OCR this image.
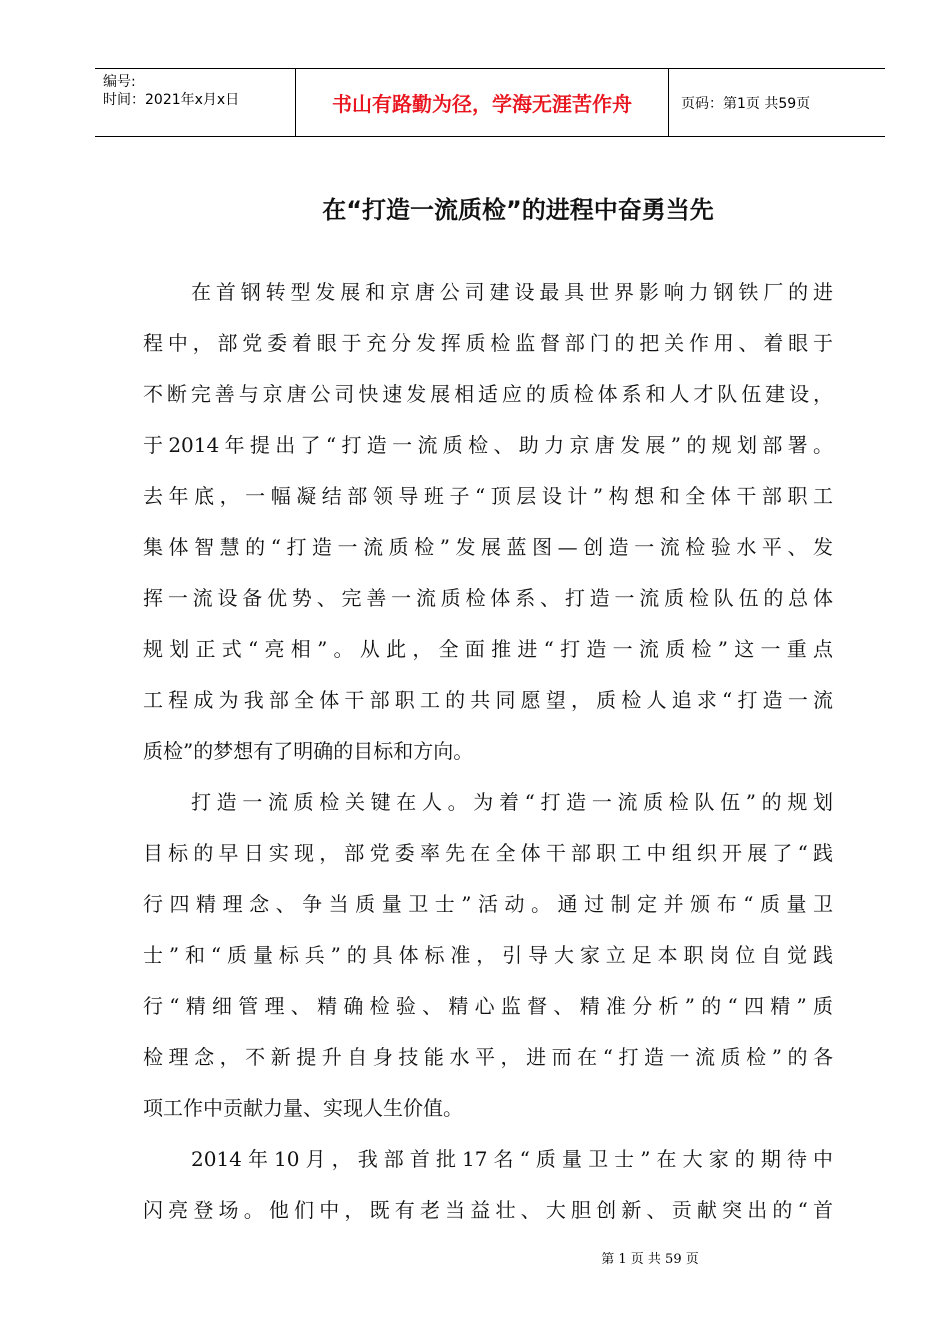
编号:
时间：2021年x月x日	书山有路勤为径，学海无涯苦作舟	页码：第1页 共59页
在“打造一流质检”的进程中奋勇当先
在首钢转型发展和京唐公司建设最具世界影响力钢铁厂的进
程中，部党委着眼于充分发挥质检监督部门的把关作用、着眼于
不断完善与京唐公司快速发展相适应的质检体系和人才队伍建设，
于2014年提出了“打造一流质检、助力京唐发展”的规划部署。
去年底，一幅凝结部领导班子“顶层设计”构想和全体干部职工
集体智慧的“打造一流质检”发展蓝图—创造一流检验水平、发
挥一流设备优势、完善一流质检体系、打造一流质检队伍的总体
规划正式“亮相”。从此，全面推进“打造一流质检”这一重点
工程成为我部全体干部职工的共同愿望，质检人追求“打造一流
质检”的梦想有了明确的目标和方向。
打造一流质检关键在人。为着“打造一流质检队伍”的规划
目标的早日实现，部党委率先在全体干部职工中组织开展了“践
行四精理念、争当质量卫士”活动。通过制定并颁布“质量卫
士”和“质量标兵”的具体标准，引导大家立足本职岗位自觉践
行“精细管理、精确检验、精心监督、精准分析”的“四精”质
检理念，不新提升自身技能水平，进而在“打造一流质检”的各
项工作中贡献力量、实现人生价值。
2014年10月，我部首批17名“质量卫士”在大家的期待中
闪亮登场。他们中，既有老当益壮、大胆创新、贡献突出的“首
第 1 页 共 59 页
